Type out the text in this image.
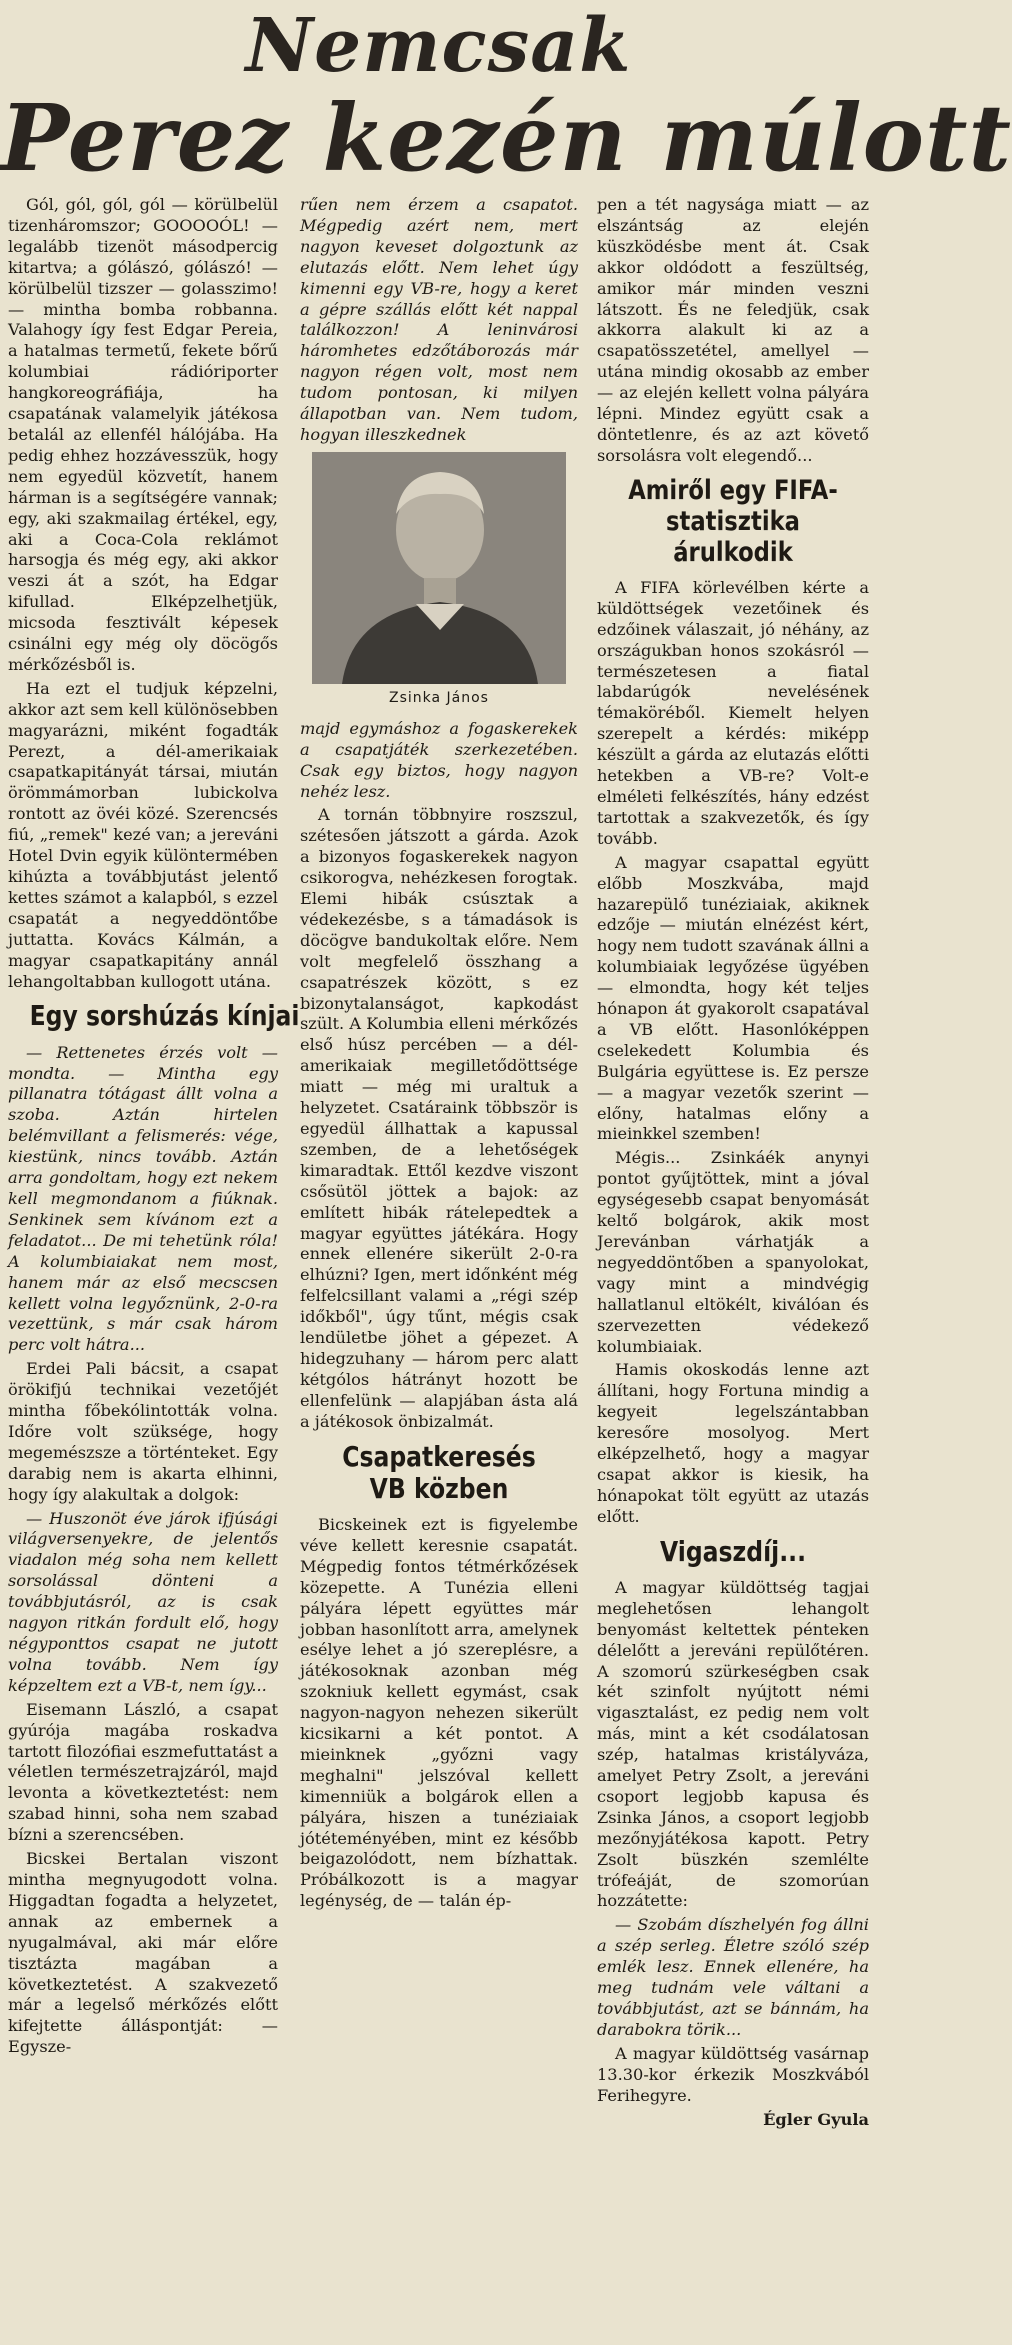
Nemcsak
Perez kezén múlott

Gól, gól, gól, gól — körülbelül tizenháromszor; GOOOOÓL! — legalább tizenöt másodpercig kitartva; a gólászó, gólászó! — körülbelül tizszer — golasszimo! — mintha bomba robbanna. Valahogy így fest Edgar Pereia, a hatalmas termetű, fekete bőrű kolumbiai rádióriporter hangkoreográfiája, ha csapatának valamelyik játékosa betalál az ellenfél hálójába. Ha pedig ehhez hozzávesszük, hogy nem egyedül közvetít, hanem hárman is a segítségére vannak; egy, aki szakmailag értékel, egy, aki a Coca-Cola reklámot harsogja és még egy, aki akkor veszi át a szót, ha Edgar kifullad. Elképzelhetjük, micsoda fesztivált képesek csinálni egy még oly döcögős mérkőzésből is.

Ha ezt el tudjuk képzelni, akkor azt sem kell különösebben magyarázni, miként fogadták Perezt, a dél-amerikaiak csapatkapitányát társai, miután örömmámorban lubickolva rontott az övéi közé. Szerencsés fiú, „remek" kezé van; a jereváni Hotel Dvin egyik különtermében kihúzta a továbbjutást jelentő kettes számot a kalapból, s ezzel csapatát a negyeddöntőbe juttatta. Kovács Kálmán, a magyar csapatkapitány annál lehangoltabban kullogott utána.

Egy sorshúzás kínjai

— Rettenetes érzés volt — mondta. — Mintha egy pillanatra tótágast állt volna a szoba. Aztán hirtelen belémvillant a felismerés: vége, kiestünk, nincs tovább. Aztán arra gondoltam, hogy ezt nekem kell megmondanom a fiúknak. Senkinek sem kívánom ezt a feladatot... De mi tehetünk róla! A kolumbiaiakat nem most, hanem már az első mecscsen kellett volna legyőznünk, 2-0-ra vezettünk, s már csak három perc volt hátra...

Erdei Pali bácsit, a csapat örökifjú technikai vezetőjét mintha főbekólintották volna. Időre volt szüksége, hogy megemészsze a történteket. Egy darabig nem is akarta elhinni, hogy így alakultak a dolgok:

— Huszonöt éve járok ifjúsági világversenyekre, de jelentős viadalon még soha nem kellett sorsolással dönteni a továbbjutásról, az is csak nagyon ritkán fordult elő, hogy négyponttos csapat ne jutott volna tovább. Nem így képzeltem ezt a VB-t, nem így...

Eisemann László, a csapat gyúrója magába roskadva tartott filozófiai eszmefuttatást a véletlen természetrajzáról, majd levonta a következtetést: nem szabad hinni, soha nem szabad bízni a szerencsében.

Bicskei Bertalan viszont mintha megnyugodott volna. Higgadtan fogadta a helyzetet, annak az embernek a nyugalmával, aki már előre tisztázta magában a következtetést. A szakvezető már a legelső mérkőzés előtt kifejtette álláspontját: — Egysze-

rűen nem érzem a csapatot. Mégpedig azért nem, mert nagyon keveset dolgoztunk az elutazás előtt. Nem lehet úgy kimenni egy VB-re, hogy a keret a gépre szállás előtt két nappal találkozzon! A leninvárosi háromhetes edzőtáborozás már nagyon régen volt, most nem tudom pontosan, ki milyen állapotban van. Nem tudom, hogyan illeszkednek

Zsinka János

majd egymáshoz a fogaskerekek a csapatjáték szerkezetében. Csak egy biztos, hogy nagyon nehéz lesz.

A tornán többnyire roszszul, szétesően játszott a gárda. Azok a bizonyos fogaskerekek nagyon csikorogva, nehézkesen forogtak. Elemi hibák csúsztak a védekezésbe, s a támadások is döcögve bandukoltak előre. Nem volt megfelelő összhang a csapatrészek között, s ez bizonytalanságot, kapkodást szült. A Kolumbia elleni mérkőzés első húsz percében — a dél-amerikaiak megilletődöttsége miatt — még mi uraltuk a helyzetet. Csatáraink többször is egyedül állhattak a kapussal szemben, de a lehetőségek kimaradtak. Ettől kezdve viszont csősütöl jöttek a bajok: az említett hibák rátelepedtek a magyar együttes játékára. Hogy ennek ellenére sikerült 2-0-ra elhúzni? Igen, mert időnként még felfelcsillant valami a „régi szép időkből", úgy tűnt, mégis csak lendületbe jöhet a gépezet. A hidegzuhany — három perc alatt kétgólos hátrányt hozott be ellenfelünk — alapjában ásta alá a játékosok önbizalmát.

Csapatkeresés VB közben

Bicskeinek ezt is figyelembe véve kellett keresnie csapatát. Mégpedig fontos tétmérkőzések közepette. A Tunézia elleni pályára lépett együttes már jobban hasonlított arra, amelynek esélye lehet a jó szereplésre, a játékosoknak azonban még szokniuk kellett egymást, csak nagyon-nagyon nehezen sikerült kicsikarni a két pontot. A mieinknek „győzni vagy meghalni" jelszóval kellett kimenniük a bolgárok ellen a pályára, hiszen a tunéziaiak jótéteményében, mint ez később beigazolódott, nem bízhattak. Próbálkozott is a magyar legénység, de — talán ép-

pen a tét nagysága miatt — az elszántság az elején küszködésbe ment át. Csak akkor oldódott a feszültség, amikor már minden veszni látszott. És ne feledjük, csak akkorra alakult ki az a csapatösszetétel, amellyel — utána mindig okosabb az ember — az elején kellett volna pályára lépni. Mindez együtt csak a döntetlenre, és az azt követő sorsolásra volt elegendő...

Amiről egy FIFA-statisztika árulkodik

A FIFA körlevélben kérte a küldöttségek vezetőinek és edzőinek válaszait, jó néhány, az országukban honos szokásról — természetesen a fiatal labdarúgók nevelésének témaköréből. Kiemelt helyen szerepelt a kérdés: miképp készült a gárda az elutazás előtti hetekben a VB-re? Volt-e elméleti felkészítés, hány edzést tartottak a szakvezetők, és így tovább.

A magyar csapattal együtt előbb Moszkvába, majd hazarepülő tunéziaiak, akiknek edzője — miután elnézést kért, hogy nem tudott szavának állni a kolumbiaiak legyőzése ügyében — elmondta, hogy két teljes hónapon át gyakorolt csapatával a VB előtt. Hasonlóképpen cselekedett Kolumbia és Bulgária együttese is. Ez persze — a magyar vezetők szerint — előny, hatalmas előny a mieinkkel szemben!

Mégis... Zsinkáék anynyi pontot gyűjtöttek, mint a jóval egységesebb csapat benyomását keltő bolgárok, akik most Jerevánban várhatják a negyeddöntőben a spanyolokat, vagy mint a mindvégig hallatlanul eltökélt, kiválóan és szervezetten védekező kolumbiaiak.

Hamis okoskodás lenne azt állítani, hogy Fortuna mindig a kegyeit legelszántabban keresőre mosolyog. Mert elképzelhető, hogy a magyar csapat akkor is kiesik, ha hónapokat tölt együtt az utazás előtt.

Vigaszdíj...

A magyar küldöttség tagjai meglehetősen lehangolt benyomást keltettek pénteken délelőtt a jereváni repülőtéren. A szomorú szürkeségben csak két szinfolt nyújtott némi vigasztalást, ez pedig nem volt más, mint a két csodálatosan szép, hatalmas kristályváza, amelyet Petry Zsolt, a jereváni csoport legjobb kapusa és Zsinka János, a csoport legjobb mezőnyjátékosa kapott. Petry Zsolt büszkén szemlélte trófeáját, de szomorúan hozzátette:

— Szobám díszhelyén fog állni a szép serleg. Életre szóló szép emlék lesz. Ennek ellenére, ha meg tudnám vele váltani a továbbjutást, azt se bánnám, ha darabokra törik...

A magyar küldöttség vasárnap 13.30-kor érkezik Moszkvából Ferihegyre.

Égler Gyula
